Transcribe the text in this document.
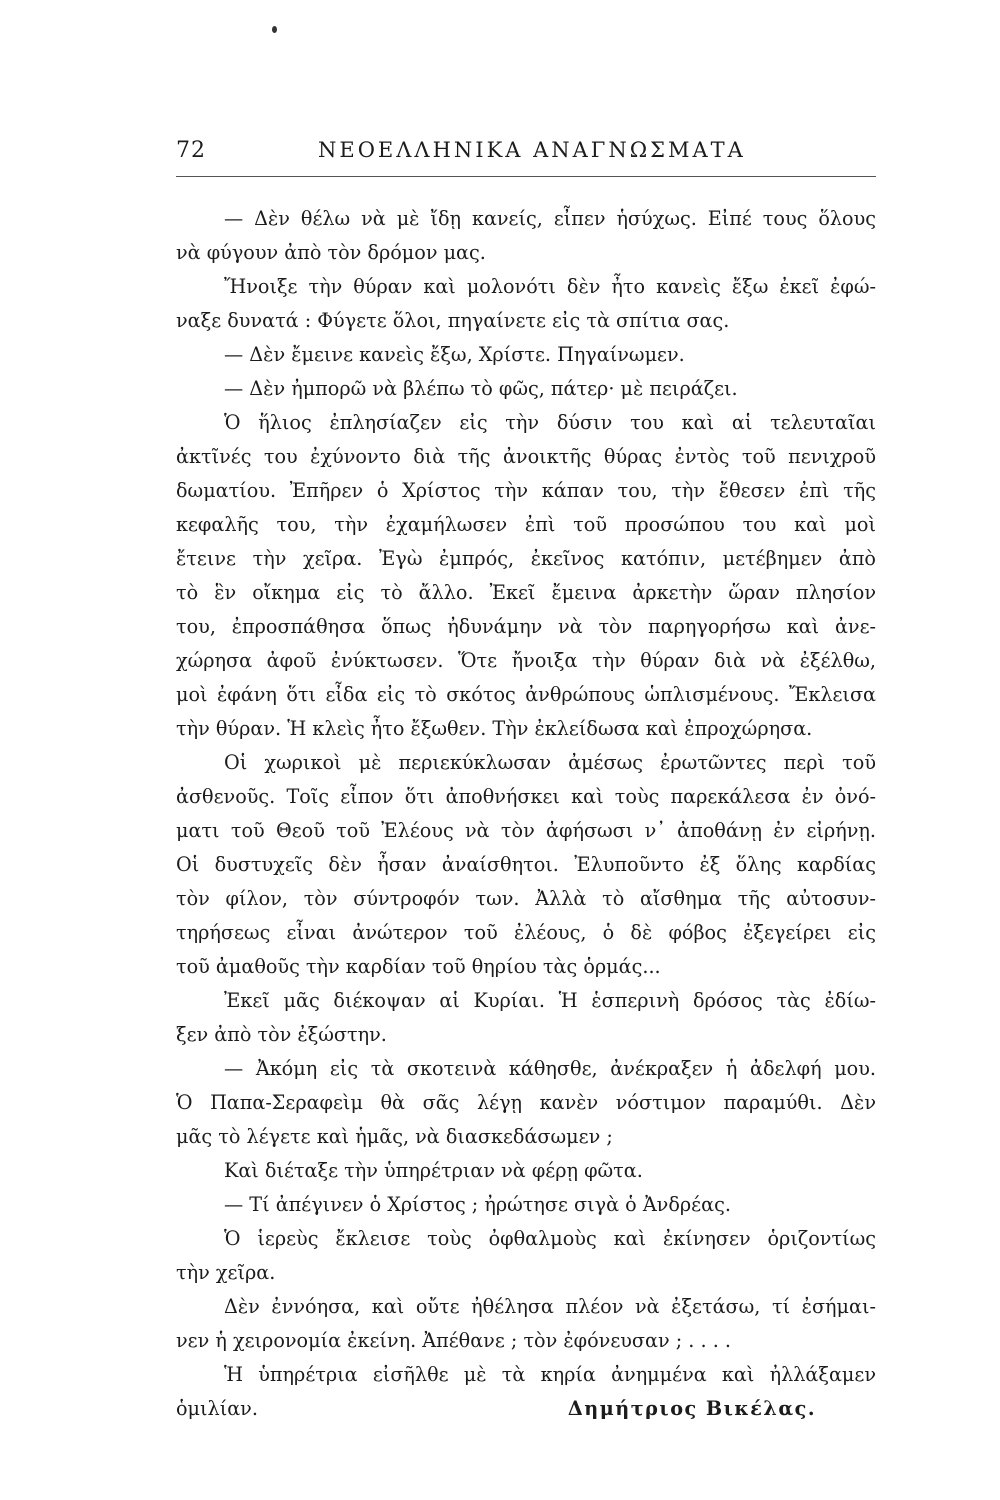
72	ΝΕΟΕΛΛΗΝΙΚΑ ΑΝΑΓΝΩΣΜΑΤΑ
— Δὲν θέλω νὰ μὲ ἴδῃ κανείς, εἶπεν ἡσύχως. Εἰπέ τους ὅλους
νὰ φύγουν ἀπὸ τὸν δρόμον μας.
Ἤνοιξε τὴν θύραν καὶ μολονότι δὲν ἦτο κανεὶς ἔξω ἐκεῖ ἐφώ-
ναξε δυνατά : Φύγετε ὅλοι, πηγαίνετε εἰς τὰ σπίτια σας.
— Δὲν ἔμεινε κανεὶς ἔξω, Χρίστε. Πηγαίνωμεν.
— Δὲν ἠμπορῶ νὰ βλέπω τὸ φῶς, πάτερ· μὲ πειράζει.
Ὁ ἥλιος ἐπλησίαζεν εἰς τὴν δύσιν του καὶ αἱ τελευταῖαι
ἀκτῖνές του ἐχύνοντο διὰ τῆς ἀνοικτῆς θύρας ἐντὸς τοῦ πενιχροῦ
δωματίου. Ἐπῆρεν ὁ Χρίστος τὴν κάπαν του, τὴν ἔθεσεν ἐπὶ τῆς
κεφαλῆς του, τὴν ἐχαμήλωσεν ἐπὶ τοῦ προσώπου του καὶ μοὶ
ἔτεινε τὴν χεῖρα. Ἐγὼ ἐμπρός, ἐκεῖνος κατόπιν, μετέβημεν ἀπὸ
τὸ ἓν οἴκημα εἰς τὸ ἄλλο. Ἐκεῖ ἔμεινα ἀρκετὴν ὥραν πλησίον
του, ἐπροσπάθησα ὅπως ἠδυνάμην νὰ τὸν παρηγορήσω καὶ ἀνε-
χώρησα ἀφοῦ ἐνύκτωσεν. Ὅτε ἤνοιξα τὴν θύραν διὰ νὰ ἐξέλθω,
μοὶ ἐφάνη ὅτι εἶδα εἰς τὸ σκότος ἀνθρώπους ὡπλισμένους. Ἔκλεισα
τὴν θύραν. Ἡ κλεὶς ἦτο ἔξωθεν. Τὴν ἐκλείδωσα καὶ ἐπροχώρησα.
Οἱ χωρικοὶ μὲ περιεκύκλωσαν ἀμέσως ἐρωτῶντες περὶ τοῦ
ἀσθενοῦς. Τοῖς εἶπον ὅτι ἀποθνήσκει καὶ τοὺς παρεκάλεσα ἐν ὀνό-
ματι τοῦ Θεοῦ τοῦ Ἐλέους νὰ τὸν ἀφήσωσι ν᾽ ἀποθάνῃ ἐν εἰρήνῃ.
Οἱ δυστυχεῖς δὲν ἦσαν ἀναίσθητοι. Ἐλυποῦντο ἐξ ὅλης καρδίας
τὸν φίλον, τὸν σύντροφόν των. Ἀλλὰ τὸ αἴσθημα τῆς αὐτοσυν-
τηρήσεως εἶναι ἀνώτερον τοῦ ἐλέους, ὁ δὲ φόβος ἐξεγείρει εἰς
τοῦ ἀμαθοῦς τὴν καρδίαν τοῦ θηρίου τὰς ὁρμάς...
Ἐκεῖ μᾶς διέκοψαν αἱ Κυρίαι. Ἡ ἑσπερινὴ δρόσος τὰς ἐδίω-
ξεν ἀπὸ τὸν ἐξώστην.
— Ἀκόμη εἰς τὰ σκοτεινὰ κάθησθε, ἀνέκραξεν ἡ ἀδελφή μου.
Ὁ Παπα-Σεραφεὶμ θὰ σᾶς λέγῃ κανὲν νόστιμον παραμύθι. Δὲν
μᾶς τὸ λέγετε καὶ ἡμᾶς, νὰ διασκεδάσωμεν ;
Καὶ διέταξε τὴν ὑπηρέτριαν νὰ φέρῃ φῶτα.
— Τί ἀπέγινεν ὁ Χρίστος ; ἠρώτησε σιγὰ ὁ Ἀνδρέας.
Ὁ ἱερεὺς ἔκλεισε τοὺς ὀφθαλμοὺς καὶ ἐκίνησεν ὁριζοντίως
τὴν χεῖρα.
Δὲν ἐννόησα, καὶ οὔτε ἠθέλησα πλέον νὰ ἐξετάσω, τί ἐσήμαι-
νεν ἡ χειρονομία ἐκείνη. Ἀπέθανε ; τὸν ἐφόνευσαν ; . . . .
Ἡ ὑπηρέτρια εἰσῆλθε μὲ τὰ κηρία ἀνημμένα καὶ ἠλλάξαμεν
ὁμιλίαν.	Δημήτριος Βικέλας.
